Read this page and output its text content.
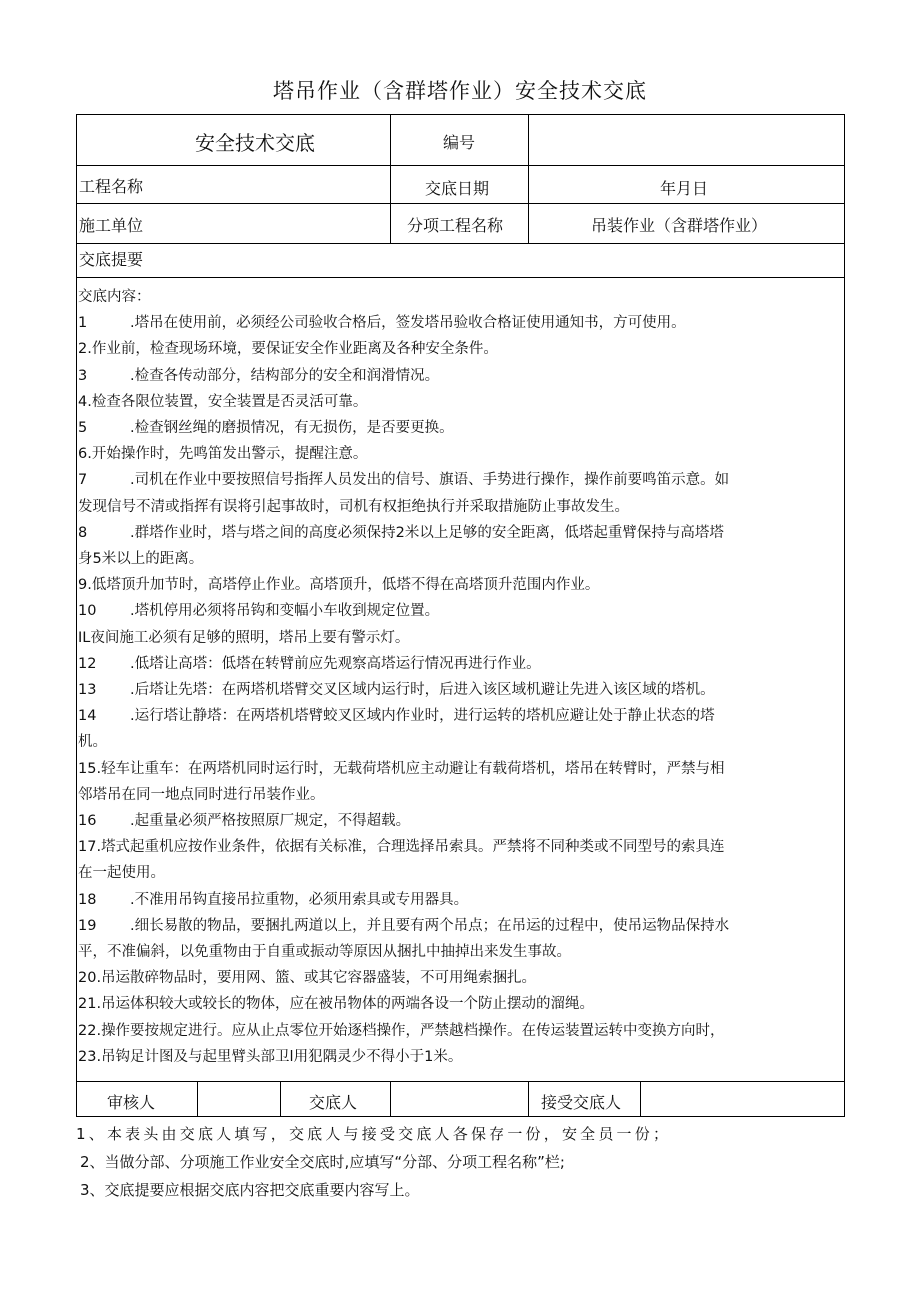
塔吊作业（含群塔作业）安全技术交底
安全技术交底	编号
工程名称	交底日期	年月日
施工单位	分项工程名称	吊装作业（含群塔作业）
交底提要
交底内容：
1	.塔吊在使用前，必须经公司验收合格后，签发塔吊验收合格证使用通知书，方可使用。
2.作业前，检查现场环境，要保证安全作业距离及各种安全条件。
3	.检查各传动部分，结构部分的安全和润滑情况。
4.检查各限位装置，安全装置是否灵活可靠。
5	.检查钢丝绳的磨损情况，有无损伤，是否要更换。
6.开始操作时，先鸣笛发出警示，提醒注意。
7	.司机在作业中要按照信号指挥人员发出的信号、旗语、手势进行操作，操作前要鸣笛示意。如
发现信号不清或指挥有误将引起事故时，司机有权拒绝执行并采取措施防止事故发生。
8	.群塔作业时，塔与塔之间的高度必须保持2米以上足够的安全距离，低塔起重臂保持与高塔塔
身5米以上的距离。
9.低塔顶升加节时，高塔停止作业。高塔顶升，低塔不得在高塔顶升范围内作业。
10 .塔机停用必须将吊钩和变幅小车收到规定位置。
IL夜间施工必须有足够的照明，塔吊上要有警示灯。
12 .低塔让高塔：低塔在转臂前应先观察高塔运行情况再进行作业。
13 .后塔让先塔：在两塔机塔臂交叉区域内运行时，后进入该区域机避让先进入该区域的塔机。
14 .运行塔让静塔：在两塔机塔臂蛟叉区域内作业时，进行运转的塔机应避让处于静止状态的塔
机。
15.轻车让重车：在两塔机同时运行时，无载荷塔机应主动避让有载荷塔机，塔吊在转臂时，严禁与相
邻塔吊在同一地点同时进行吊装作业。
16 .起重量必须严格按照原厂规定，不得超载。
17.塔式起重机应按作业条件，依据有关标准，合理选择吊索具。严禁将不同种类或不同型号的索具连
在一起使用。
18 .不准用吊钩直接吊拉重物，必须用索具或专用器具。
19 .细长易散的物品，要捆扎两道以上，并且要有两个吊点；在吊运的过程中，使吊运物品保持水
平，不准偏斜，以免重物由于自重或振动等原因从捆扎中抽掉出来发生事故。
20.吊运散碎物品时，要用网、篮、或其它容器盛装，不可用绳索捆扎。
21.吊运体积较大或较长的物体，应在被吊物体的两端各设一个防止摆动的溜绳。
22.操作要按规定进行。应从止点零位开始逐档操作，严禁越档操作。在传运装置运转中变换方向时，
23.吊钩足计图及与起里臂头部卫l用犯隅灵少不得小于1米。
审核人	交底人	接受交底人
1、本表头由交底人填写，交底人与接受交底人各保存一份，安全员一份；
2、当做分部、分项施工作业安全交底时,应填写“分部、分项工程名称”栏;
3、交底提要应根据交底内容把交底重要内容写上。
